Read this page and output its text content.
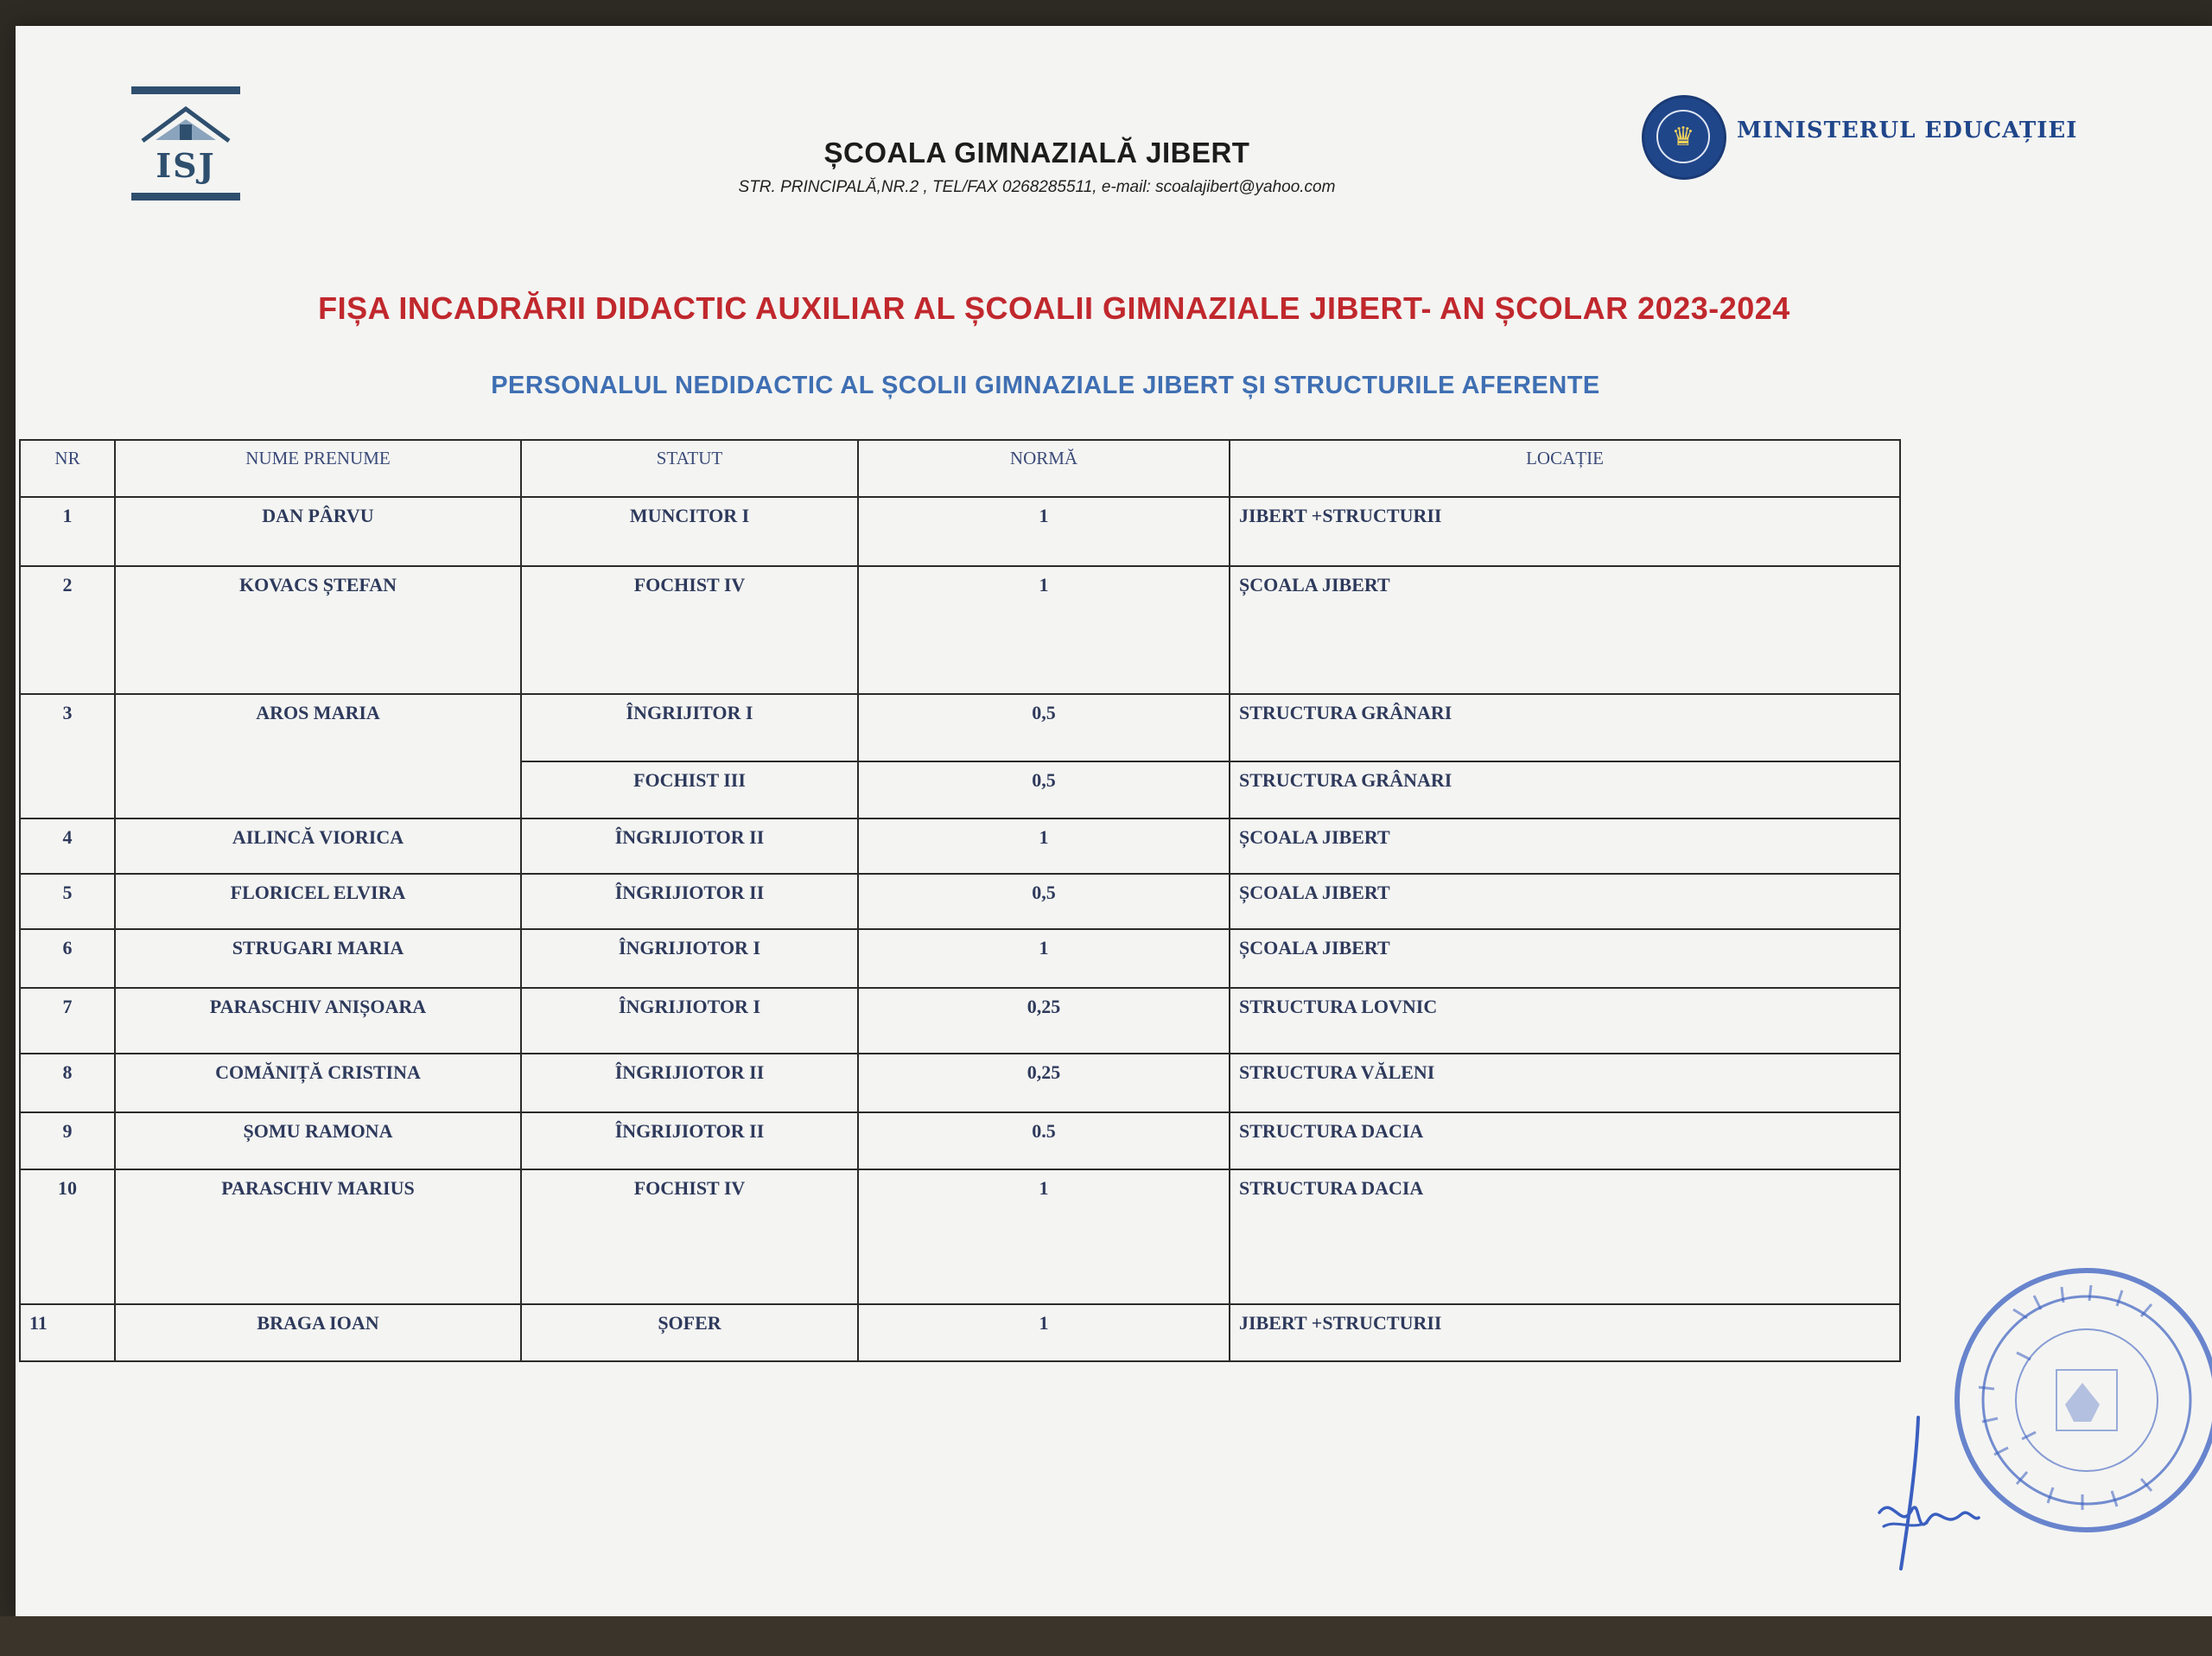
ISJ	ȘCOALA GIMNAZIALĂ JIBERT
STR. PRINCIPALĂ,NR.2 , TEL/FAX 0268285511, e-mail: scoalajibert@yahoo.com
♛	MINISTERUL EDUCAȚIEI
FIȘA INCADRĂRII DIDACTIC AUXILIAR AL ȘCOALII GIMNAZIALE JIBERT- AN ȘCOLAR 2023-2024
PERSONALUL NEDIDACTIC AL ȘCOLII GIMNAZIALE JIBERT ȘI STRUCTURILE AFERENTE
NR	NUME PRENUME	STATUT	NORMĂ	LOCAȚIE
1	DAN PÂRVU	MUNCITOR I	1	JIBERT +STRUCTURII
2	KOVACS ȘTEFAN	FOCHIST IV	1	ȘCOALA JIBERT
3	AROS MARIA	ÎNGRIJITOR I	0,5	STRUCTURA GRÂNARI
		FOCHIST III	0,5	STRUCTURA GRÂNARI
4	AILINCĂ VIORICA	ÎNGRIJIOTOR II	1	ȘCOALA JIBERT
5	FLORICEL ELVIRA	ÎNGRIJIOTOR II	0,5	ȘCOALA JIBERT
6	STRUGARI MARIA	ÎNGRIJIOTOR I	1	ȘCOALA JIBERT
7	PARASCHIV ANIȘOARA	ÎNGRIJIOTOR I	0,25	STRUCTURA LOVNIC
8	COMĂNIȚĂ CRISTINA	ÎNGRIJIOTOR II	0,25	STRUCTURA VĂLENI
9	ȘOMU RAMONA	ÎNGRIJIOTOR II	0.5	STRUCTURA DACIA
10	PARASCHIV MARIUS	FOCHIST IV	1	STRUCTURA DACIA
11	BRAGA IOAN	ȘOFER	1	JIBERT +STRUCTURII
